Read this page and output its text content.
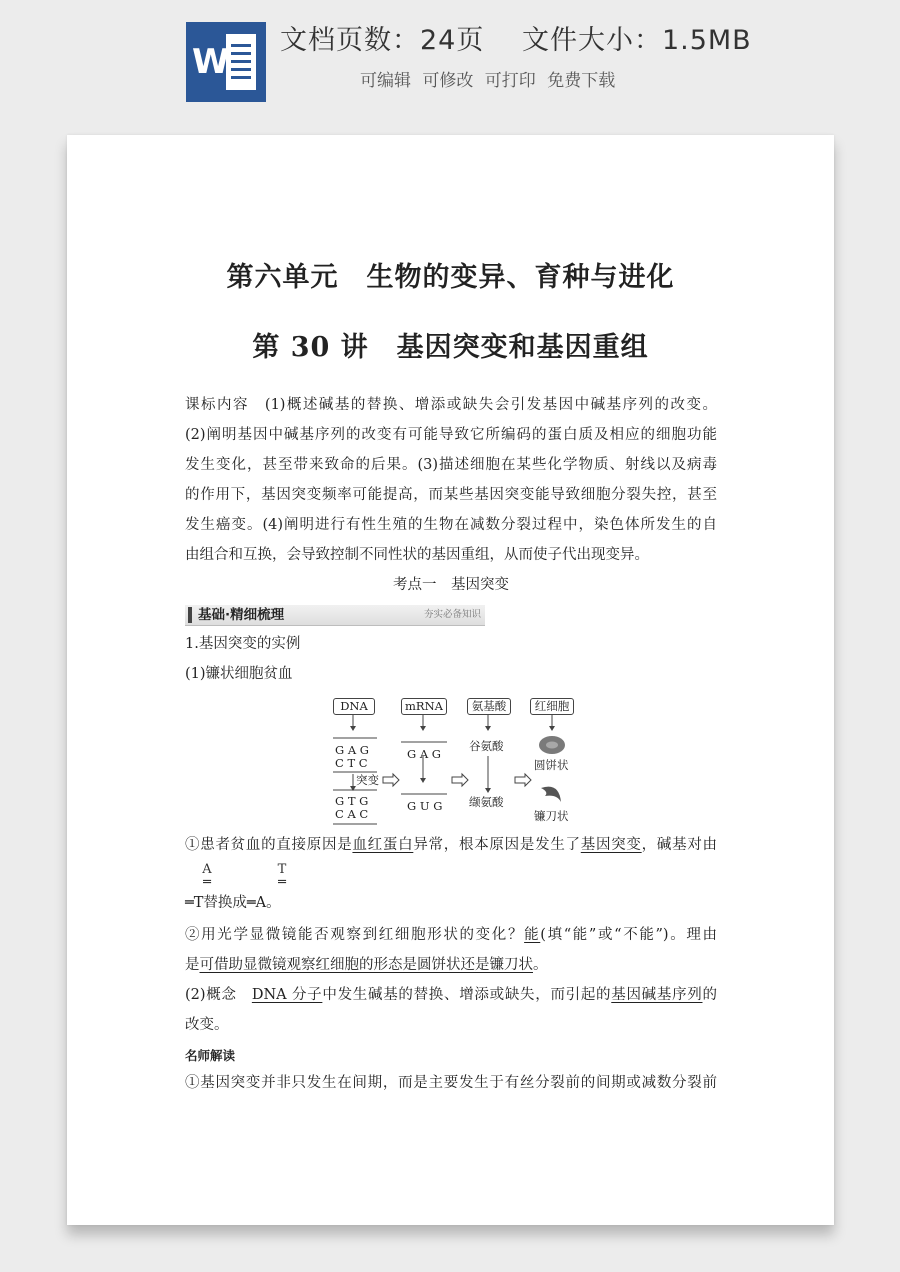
W
文档页数：24页　 文件大小：1.5MB
可编辑 可修改 可打印 免费下载
第六单元　生物的变异、育种与进化
第 30 讲　基因突变和基因重组
课标内容　(1)概述碱基的替换、增添或缺失会引发基因中碱基序列的改变。
(2)阐明基因中碱基序列的改变有可能导致它所编码的蛋白质及相应的细胞功能
发生变化，甚至带来致命的后果。(3)描述细胞在某些化学物质、射线以及病毒
的作用下，基因突变频率可能提高，而某些基因突变能导致细胞分裂失控，甚至
发生癌变。(4)阐明进行有性生殖的生物在减数分裂过程中，染色体所发生的自
由组合和互换，会导致控制不同性状的基因重组，从而使子代出现变异。
考点一　基因突变
基础·精细梳理	夯实必备知识
1.基因突变的实例
(1)镰状细胞贫血
DNA	mRNA	氨基酸	红细胞
G A G
C T C
突变
G T G
C A C
G A G
G U G
谷氨酸
缬氨酸
圆饼状
镰刀状
①患者贫血的直接原因是血红蛋白异常，根本原因是发生了基因突变，碱基对由
A
═
T
═
═T替换成═A。
②用光学显微镜能否观察到红细胞形状的变化？能(填“能”或“不能”)。理由
是可借助显微镜观察红细胞的形态是圆饼状还是镰刀状。
(2)概念　DNA 分子中发生碱基的替换、增添或缺失，而引起的基因碱基序列的
改变。
名师解读
①基因突变并非只发生在间期，而是主要发生于有丝分裂前的间期或减数分裂前
